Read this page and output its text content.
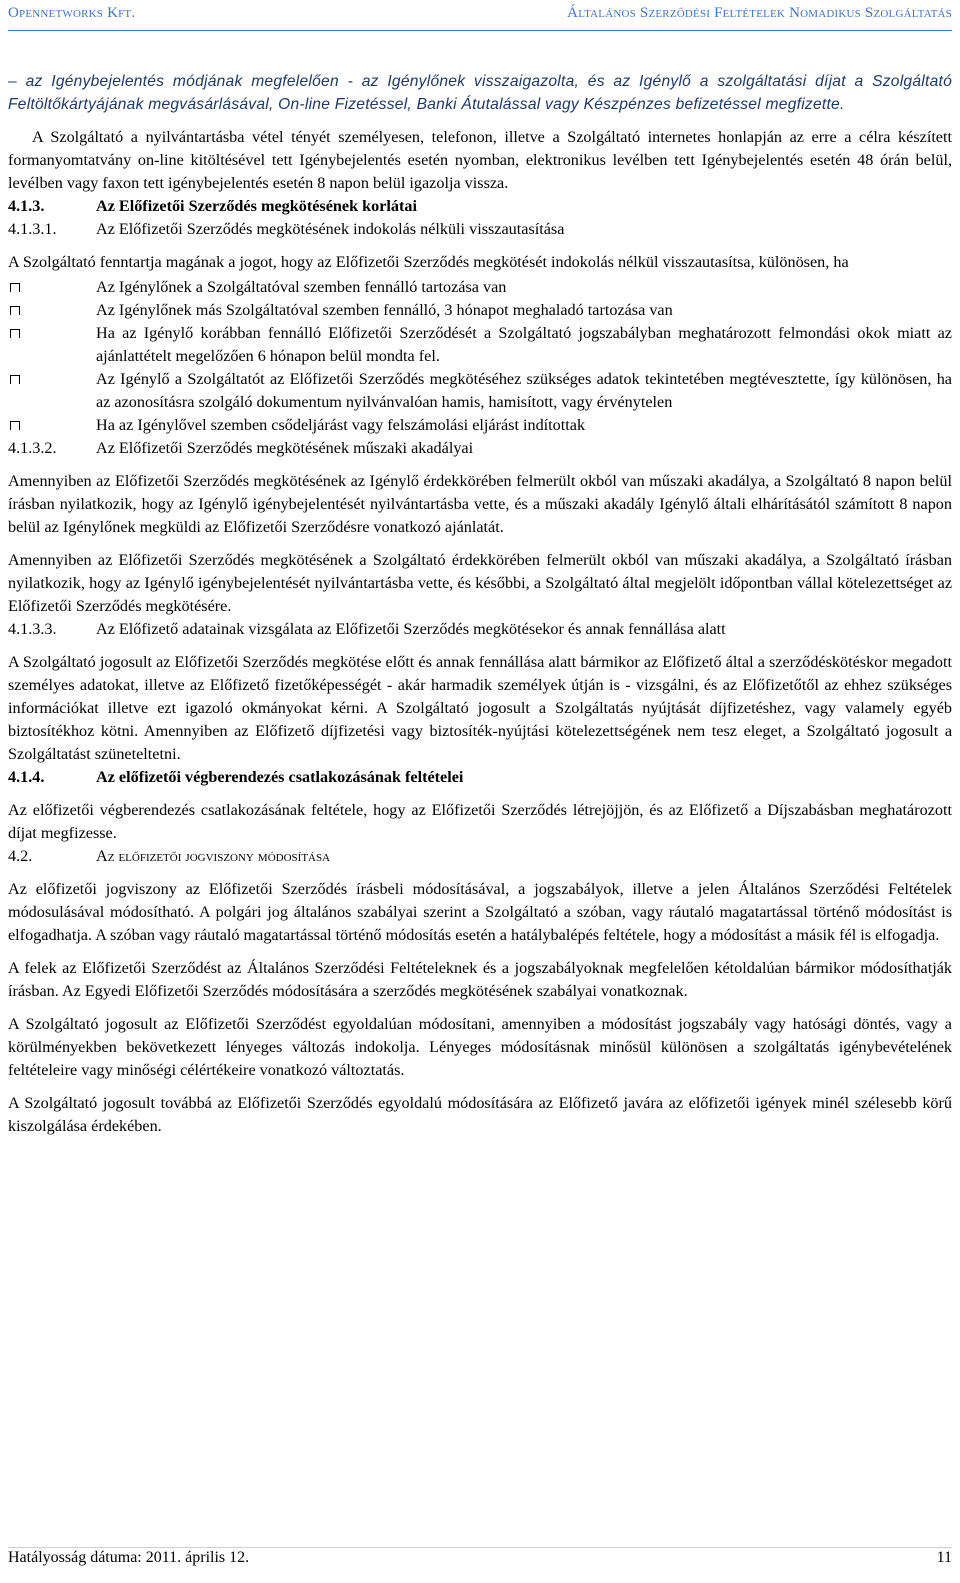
Opennetworks Kft.	Általános Szerződési Feltételek Nomadikus Szolgáltatás

– az Igénybejelentés módjának megfelelően - az Igénylőnek visszaigazolta, és az Igénylő a szolgáltatási díjat a Szolgáltató Feltöltőkártyájának megvásárlásával, On-line Fizetéssel, Banki Átutalással vagy Készpénzes befizetéssel megfizette.

A Szolgáltató a nyilvántartásba vétel tényét személyesen, telefonon, illetve a Szolgáltató internetes honlapján az erre a célra készített formanyomtatvány on-line kitöltésével tett Igénybejelentés esetén nyomban, elektronikus levélben tett Igénybejelentés esetén 48 órán belül, levélben vagy faxon tett igénybejelentés esetén 8 napon belül igazolja vissza.

4.1.3.	Az Előfizetői Szerződés megkötésének korlátai
4.1.3.1.	Az Előfizetői Szerződés megkötésének indokolás nélküli visszautasítása

A Szolgáltató fenntartja magának a jogot, hogy az Előfizetői Szerződés megkötését indokolás nélkül visszautasítsa, különösen, ha

Az Igénylőnek a Szolgáltatóval szemben fennálló tartozása van
Az Igénylőnek más Szolgáltatóval szemben fennálló, 3 hónapot meghaladó tartozása van
Ha az Igénylő korábban fennálló Előfizetői Szerződését a Szolgáltató jogszabályban meghatározott felmondási okok miatt az ajánlattételt megelőzően 6 hónapon belül mondta fel.
Az Igénylő a Szolgáltatót az Előfizetői Szerződés megkötéséhez szükséges adatok tekintetében megtévesztette, így különösen, ha az azonosításra szolgáló dokumentum nyilvánvalóan hamis, hamisított, vagy érvénytelen
Ha az Igénylővel szemben csődeljárást vagy felszámolási eljárást indítottak
4.1.3.2.	Az Előfizetői Szerződés megkötésének műszaki akadályai

Amennyiben az Előfizetői Szerződés megkötésének az Igénylő érdekkörében felmerült okból van műszaki akadálya, a Szolgáltató 8 napon belül írásban nyilatkozik, hogy az Igénylő igénybejelentését nyilvántartásba vette, és a műszaki akadály Igénylő általi elhárításától számított 8 napon belül az Igénylőnek megküldi az Előfizetői Szerződésre vonatkozó ajánlatát.

Amennyiben az Előfizetői Szerződés megkötésének a Szolgáltató érdekkörében felmerült okból van műszaki akadálya, a Szolgáltató írásban nyilatkozik, hogy az Igénylő igénybejelentését nyilvántartásba vette, és későbbi, a Szolgáltató által megjelölt időpontban vállal kötelezettséget az Előfizetői Szerződés megkötésére.

4.1.3.3.	Az Előfizető adatainak vizsgálata az Előfizetői Szerződés megkötésekor és annak fennállása alatt

A Szolgáltató jogosult az Előfizetői Szerződés megkötése előtt és annak fennállása alatt bármikor az Előfizető által a szerződéskötéskor megadott személyes adatokat, illetve az Előfizető fizetőképességét - akár harmadik személyek útján is - vizsgálni, és az Előfizetőtől az ehhez szükséges információkat illetve ezt igazoló okmányokat kérni. A Szolgáltató jogosult a Szolgáltatás nyújtását díjfizetéshez, vagy valamely egyéb biztosítékhoz kötni. Amennyiben az Előfizető díjfizetési vagy biztosíték-nyújtási kötelezettségének nem tesz eleget, a Szolgáltató jogosult a Szolgáltatást szüneteltetni.

4.1.4.	Az előfizetői végberendezés csatlakozásának feltételei

Az előfizetői végberendezés csatlakozásának feltétele, hogy az Előfizetői Szerződés létrejöjjön, és az Előfizető a Díjszabásban meghatározott díjat megfizesse.

4.2.	Az előfizetői jogviszony módosítása

Az előfizetői jogviszony az Előfizetői Szerződés írásbeli módosításával, a jogszabályok, illetve a jelen Általános Szerződési Feltételek módosulásával módosítható. A polgári jog általános szabályai szerint a Szolgáltató a szóban, vagy ráutaló magatartással történő módosítást is elfogadhatja. A szóban vagy ráutaló magatartással történő módosítás esetén a hatálybalépés feltétele, hogy a módosítást a másik fél is elfogadja.

A felek az Előfizetői Szerződést az Általános Szerződési Feltételeknek és a jogszabályoknak megfelelően kétoldalúan bármikor módosíthatják írásban. Az Egyedi Előfizetői Szerződés módosítására a szerződés megkötésének szabályai vonatkoznak.

A Szolgáltató jogosult az Előfizetői Szerződést egyoldalúan módosítani, amennyiben a módosítást jogszabály vagy hatósági döntés, vagy a körülményekben bekövetkezett lényeges változás indokolja. Lényeges módosításnak minősül különösen a szolgáltatás igénybevételének feltételeire vagy minőségi célértékeire vonatkozó változtatás.

A Szolgáltató jogosult továbbá az Előfizetői Szerződés egyoldalú módosítására az Előfizető javára az előfizetői igények minél szélesebb körű kiszolgálása érdekében.

Hatályosság dátuma: 2011. április 12.	11
